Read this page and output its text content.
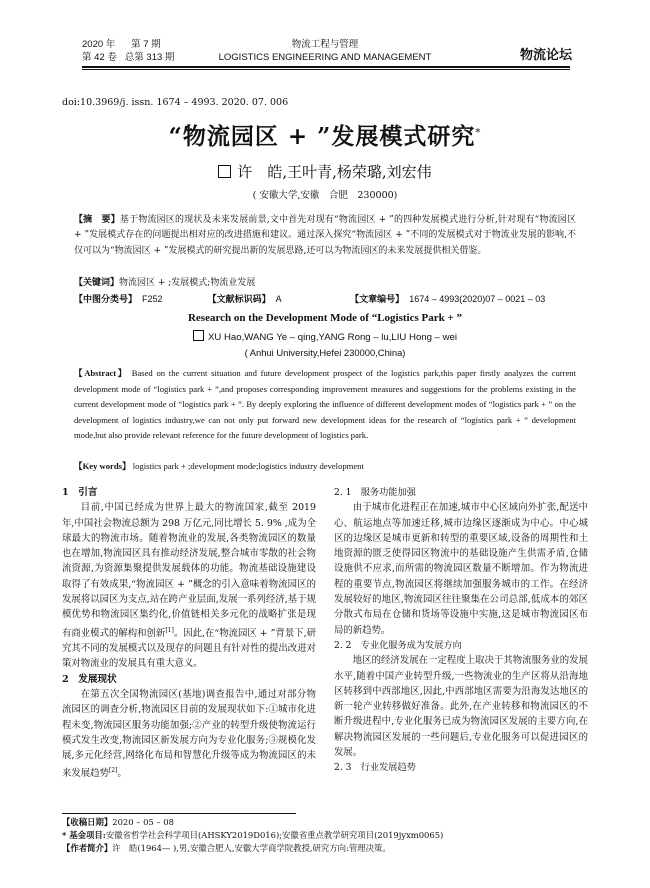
2020 年 第 7 期
第 42 卷 总第 313 期
物流工程与管理
LOGISTICS ENGINEERING AND MANAGEMENT	物流论坛
doi:10.3969/j. issn. 1674 – 4993. 2020. 07. 006
“物流园区 + ”发展模式研究*
许　皓,王叶青,杨荣璐,刘宏伟
( 安徽大学,安徽　合肥　230000)
【摘　要】基于物流园区的现状及未来发展前景,文中首先对现有“物流园区 + ”的四种发展模式进行分析,针对现有“物流园区 + ”发展模式存在的问题提出相对应的改进措施和建议。通过深入探究“物流园区 + ”不同的发展模式对于物流业发展的影响,不仅可以为“物流园区 + ”发展模式的研究提出新的发展思路,还可以为物流园区的未来发展提供相关借鉴。
【关键词】物流园区 + ;发展模式;物流业发展
【中图分类号】 F252	【文献标识码】 A	【文章编号】 1674 – 4993(2020)07 – 0021 – 03
Research on the Development Mode of “Logistics Park + ”
XU Hao,WANG Ye – qing,YANG Rong – lu,LIU Hong – wei
( Anhui University,Hefei 230000,China)
【Abstract】 Based on the current situation and future development prospect of the logistics park,this paper firstly analyzes the current development mode of “logistics park + ”,and proposes corresponding improvement measures and suggestions for the problems existing in the current development mode of “logistics park + ”. By deeply exploring the influence of different development modes of “logistics park + ” on the development of logistics industry,we can not only put forward new development ideas for the research of “logistics park + ” development mode,but also provide relevant reference for the future development of logistics park.
【Key words】 logistics park + ;development mode;logistics industry development

1　引言

目前,中国已经成为世界上最大的物流国家,截至 2019 年,中国社会物流总额为 298 万亿元,同比增长 5. 9% ,成为全球最大的物流市场。随着物流业的发展,各类物流园区的数量也在增加,物流园区具有推动经济发展,整合城市零散的社会物流资源,为资源集聚提供发展载体的功能。物流基础设施建设取得了有效成果,“物流园区 + ”概念的引入意味着物流园区的发展将以园区为支点,站在跨产业层面,发展一系列经济,基于规模优势和物流园区集约化,价值链相关多元化的战略扩张是现有商业模式的解构和创新[1]。因此,在“物流园区 + ”背景下,研究其不同的发展模式以及现存的问题且有针对性的提出改进对策对物流业的发展具有重大意义。

2　发展现状

在第五次全国物流园区(基地)调查报告中,通过对部分物流园区的调查分析,物流园区目前的发展现状如下:①城市化进程未变,物流园区服务功能加强;②产业的转型升级使物流运行模式发生改变,物流园区新发展方向为专业化服务;③规模化发展,多元化经营,网络化布局和智慧化升级等成为物流园区的未来发展趋势[2]。

2. 1　服务功能加强

由于城市化进程正在加速,城市中心区域向外扩张,配送中心、航运地点等加速迁移,城市边缘区逐渐成为中心。中心城区的边缘区是城市更新和转型的重要区域,设备的周期性和土地资源的匮乏使得园区物流中的基础设施产生供需矛盾,仓储设施供不应求,而所需的物流园区数量不断增加。作为物流进程的重要节点,物流园区将继续加强服务城市的工作。在经济发展较好的地区,物流园区往往聚集在公司总部,低成本的郊区分散式布局在仓储和货场等设施中实施,这是城市物流园区布局的新趋势。

2. 2　专业化服务成为发展方向

地区的经济发展在一定程度上取决于其物流服务业的发展水平,随着中国产业转型升级,一些物流业的生产区将从沿海地区转移到中西部地区,因此,中西部地区需要为沿海发达地区的新一轮产业转移做好准备。此外,在产业转移和物流园区的不断升级进程中,专业化服务已成为物流园区发展的主要方向,在解决物流园区发展的一些问题后,专业化服务可以促进园区的发展。

2. 3　行业发展趋势

【收稿日期】2020 – 05 – 08
* 基金项目:安徽省哲学社会科学项目(AHSKY2019D016);安徽省重点教学研究项目(2019jyxm0065)
【作者简介】许　皓(1964— ),男,安徽合肥人,安徽大学商学院教授,研究方向:管理决策。
